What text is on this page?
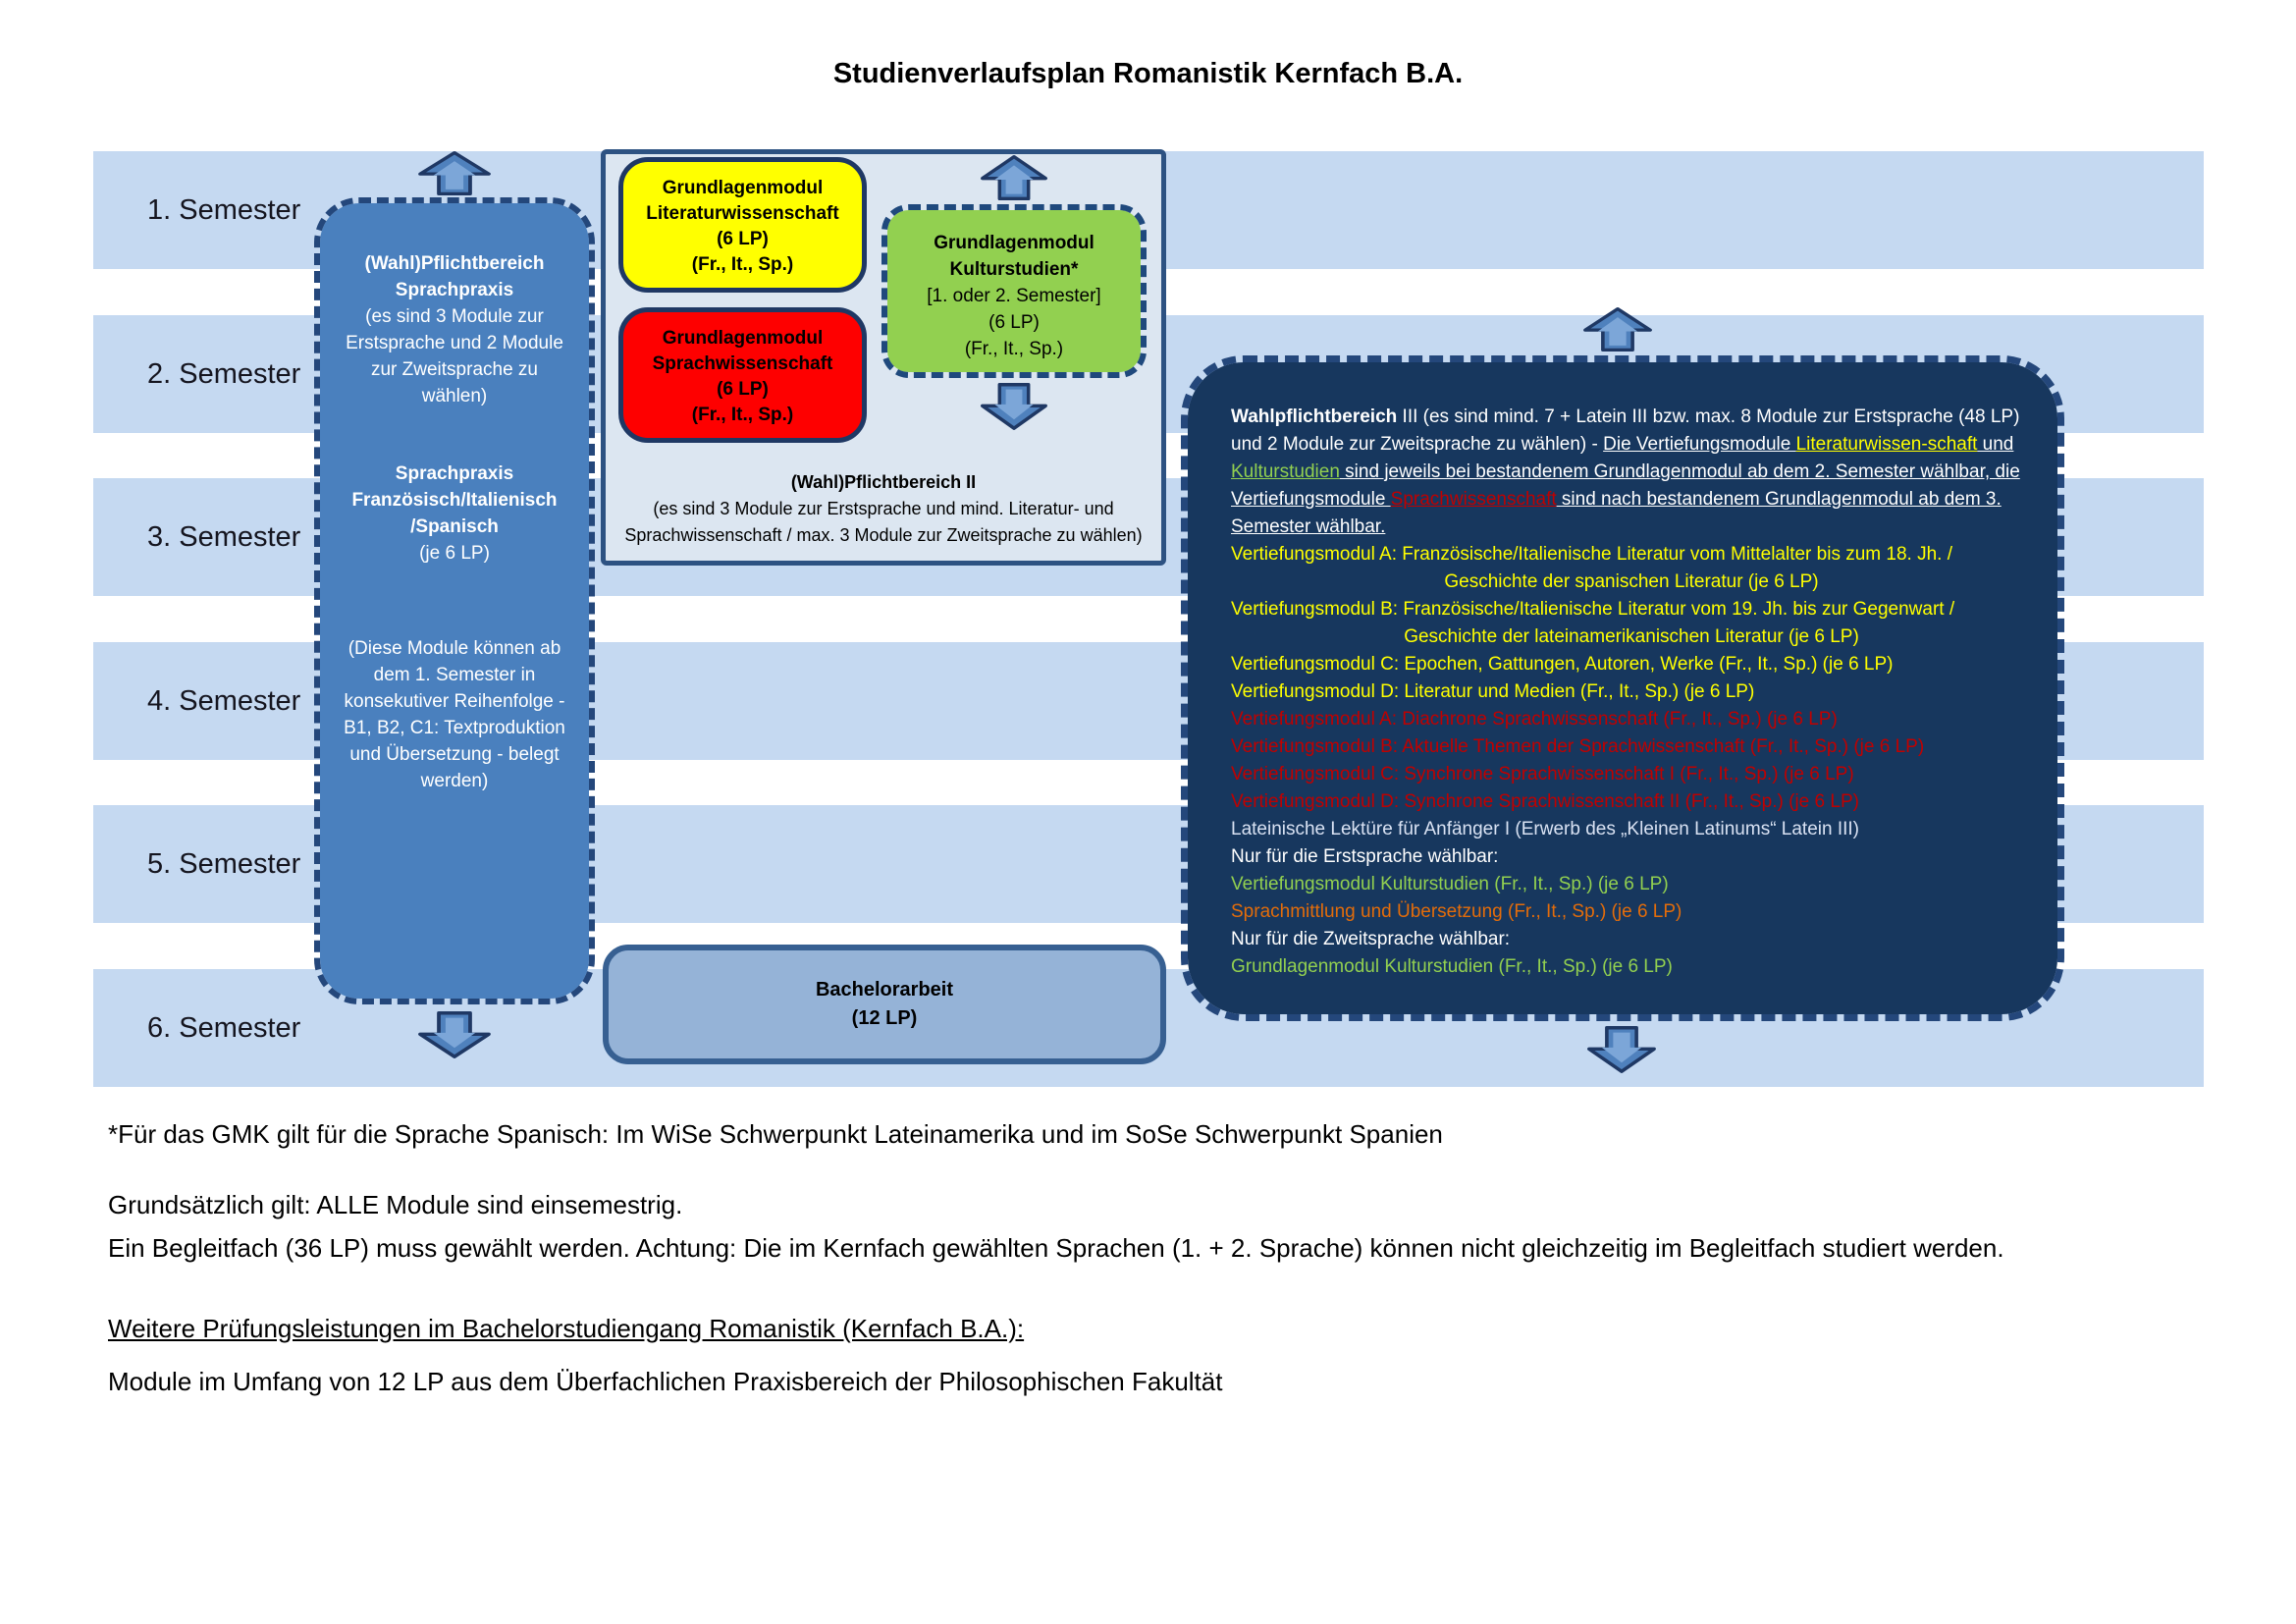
1. Semester
2. Semester
3. Semester
4. Semester
5. Semester
6. Semester
Studienverlaufsplan Romanistik Kernfach B.A.
(Wahl)Pflichtbereich
Sprachpraxis
(es sind 3 Module zur Erstsprache und 2 Module zur Zweitsprache zu wählen)
Sprachpraxis
Französisch/Italienisch
/Spanisch
(je 6 LP)
(Diese Module können ab dem 1. Semester in konsekutiver Reihenfolge - B1, B2, C1: Textproduktion und Übersetzung - belegt werden)
Grundlagenmodul
Literaturwissenschaft
(6 LP)
(Fr., It., Sp.)
Grundlagenmodul
Sprachwissenschaft
(6 LP)
(Fr., It., Sp.)
Grundlagenmodul
Kulturstudien*
[1. oder 2. Semester]
(6 LP)
(Fr., It., Sp.)
(Wahl)Pflichtbereich II
(es sind 3 Module zur Erstsprache und mind. Literatur- und
Sprachwissenschaft / max. 3 Module zur Zweitsprache zu wählen)

Wahlpflichtbereich III (es sind mind. 7 + Latein III bzw. max. 8 Module zur Erstsprache (48 LP) und 2 Module zur Zweitsprache zu wählen) - Die Vertiefungsmodule Literaturwissen-schaft und Kulturstudien sind jeweils bei bestandenem Grundlagenmodul ab dem 2. Semester wählbar, die Vertiefungsmodule Sprachwissenschaft sind nach bestandenem Grundlagenmodul ab dem 3. Semester wählbar.

Vertiefungsmodul A: Französische/Italienische Literatur vom Mittelalter bis zum 18. Jh. /
Geschichte der spanischen Literatur (je 6 LP)
Vertiefungsmodul B: Französische/Italienische Literatur vom 19. Jh. bis zur Gegenwart /
Geschichte der lateinamerikanischen Literatur (je 6 LP)
Vertiefungsmodul C: Epochen, Gattungen, Autoren, Werke (Fr., It., Sp.) (je 6 LP)
Vertiefungsmodul D: Literatur und Medien (Fr., It., Sp.) (je 6 LP)
Vertiefungsmodul A: Diachrone Sprachwissenschaft (Fr., It., Sp.) (je 6 LP)
Vertiefungsmodul B: Aktuelle Themen der Sprachwissenschaft (Fr., It., Sp.) (je 6 LP)
Vertiefungsmodul C: Synchrone Sprachwissenschaft I (Fr., It., Sp.) (je 6 LP)
Vertiefungsmodul D: Synchrone Sprachwissenschaft II (Fr., It., Sp.) (je 6 LP)
Lateinische Lektüre für Anfänger I (Erwerb des „Kleinen Latinums“ Latein III)
Nur für die Erstsprache wählbar:
Vertiefungsmodul Kulturstudien (Fr., It., Sp.) (je 6 LP)
Sprachmittlung und Übersetzung (Fr., It., Sp.) (je 6 LP)
Nur für die Zweitsprache wählbar:
Grundlagenmodul Kulturstudien (Fr., It., Sp.) (je 6 LP)
Bachelorarbeit
(12 LP)
*Für das GMK gilt für die Sprache Spanisch: Im WiSe Schwerpunkt Lateinamerika und im SoSe Schwerpunkt Spanien
Grundsätzlich gilt: ALLE Module sind einsemestrig.
Ein Begleitfach (36 LP) muss gewählt werden. Achtung: Die im Kernfach gewählten Sprachen (1. + 2. Sprache) können nicht gleichzeitig im Begleitfach studiert werden.
Weitere Prüfungsleistungen im Bachelorstudiengang Romanistik (Kernfach B.A.):
Module im Umfang von 12 LP aus dem Überfachlichen Praxisbereich der Philosophischen Fakultät
